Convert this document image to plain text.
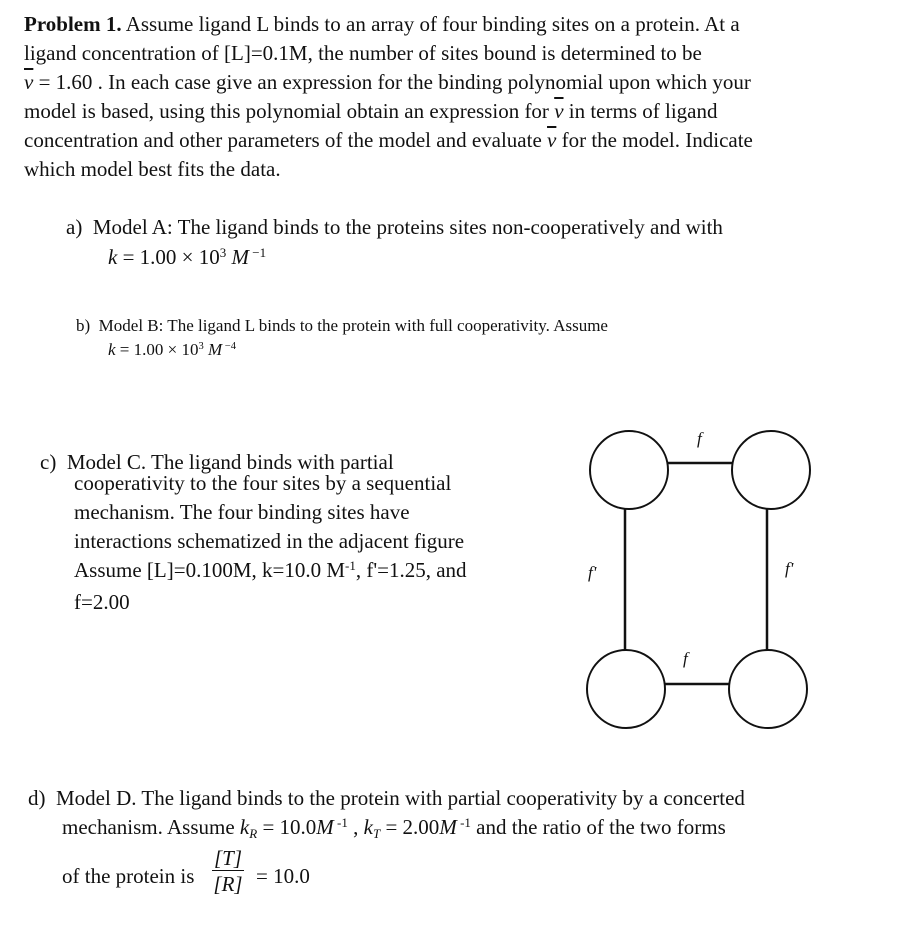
Problem 1. Assume ligand L binds to an array of four binding sites on a protein. At a
ligand concentration of [L]=0.1M, the number of sites bound is determined to be
$\overline{\nu} = 1.60$ . In each case give an expression for the binding polynomial upon which your
model is based, using this polynomial obtain an expression for $\overline{\nu}$ in terms of ligand
concentration and other parameters of the model and evaluate $\overline{\nu}$ for the model. Indicate
which model best fits the data.
a) Model A: The ligand binds to the proteins sites non-cooperatively and with
$k = 1.00 \times 10^3$ M $^{-1}$
b) Model B: The ligand L binds to the protein with full cooperativity. Assume
$k = 1.00 \times 10^3$ M $^{-4}$
c) Model C. The ligand binds with partial
cooperativity to the four sites by a sequential
mechanism. The four binding sites have
interactions schematized in the adjacent figure
Assume [L]=0.100M, k=10.0 $M^{-1}$, f'=1.25, and
f=2.00
f
f
f'	f'
d) Model D. The ligand binds to the protein with partial cooperativity by a concerted
mechanism. Assume $k_R = 10.0M$ $^{-1}$ , $k_T = 2.00M$ $^{-1}$ and the ratio of the two forms
of the protein is $\frac{[T]}{[R]} = 10.0$
